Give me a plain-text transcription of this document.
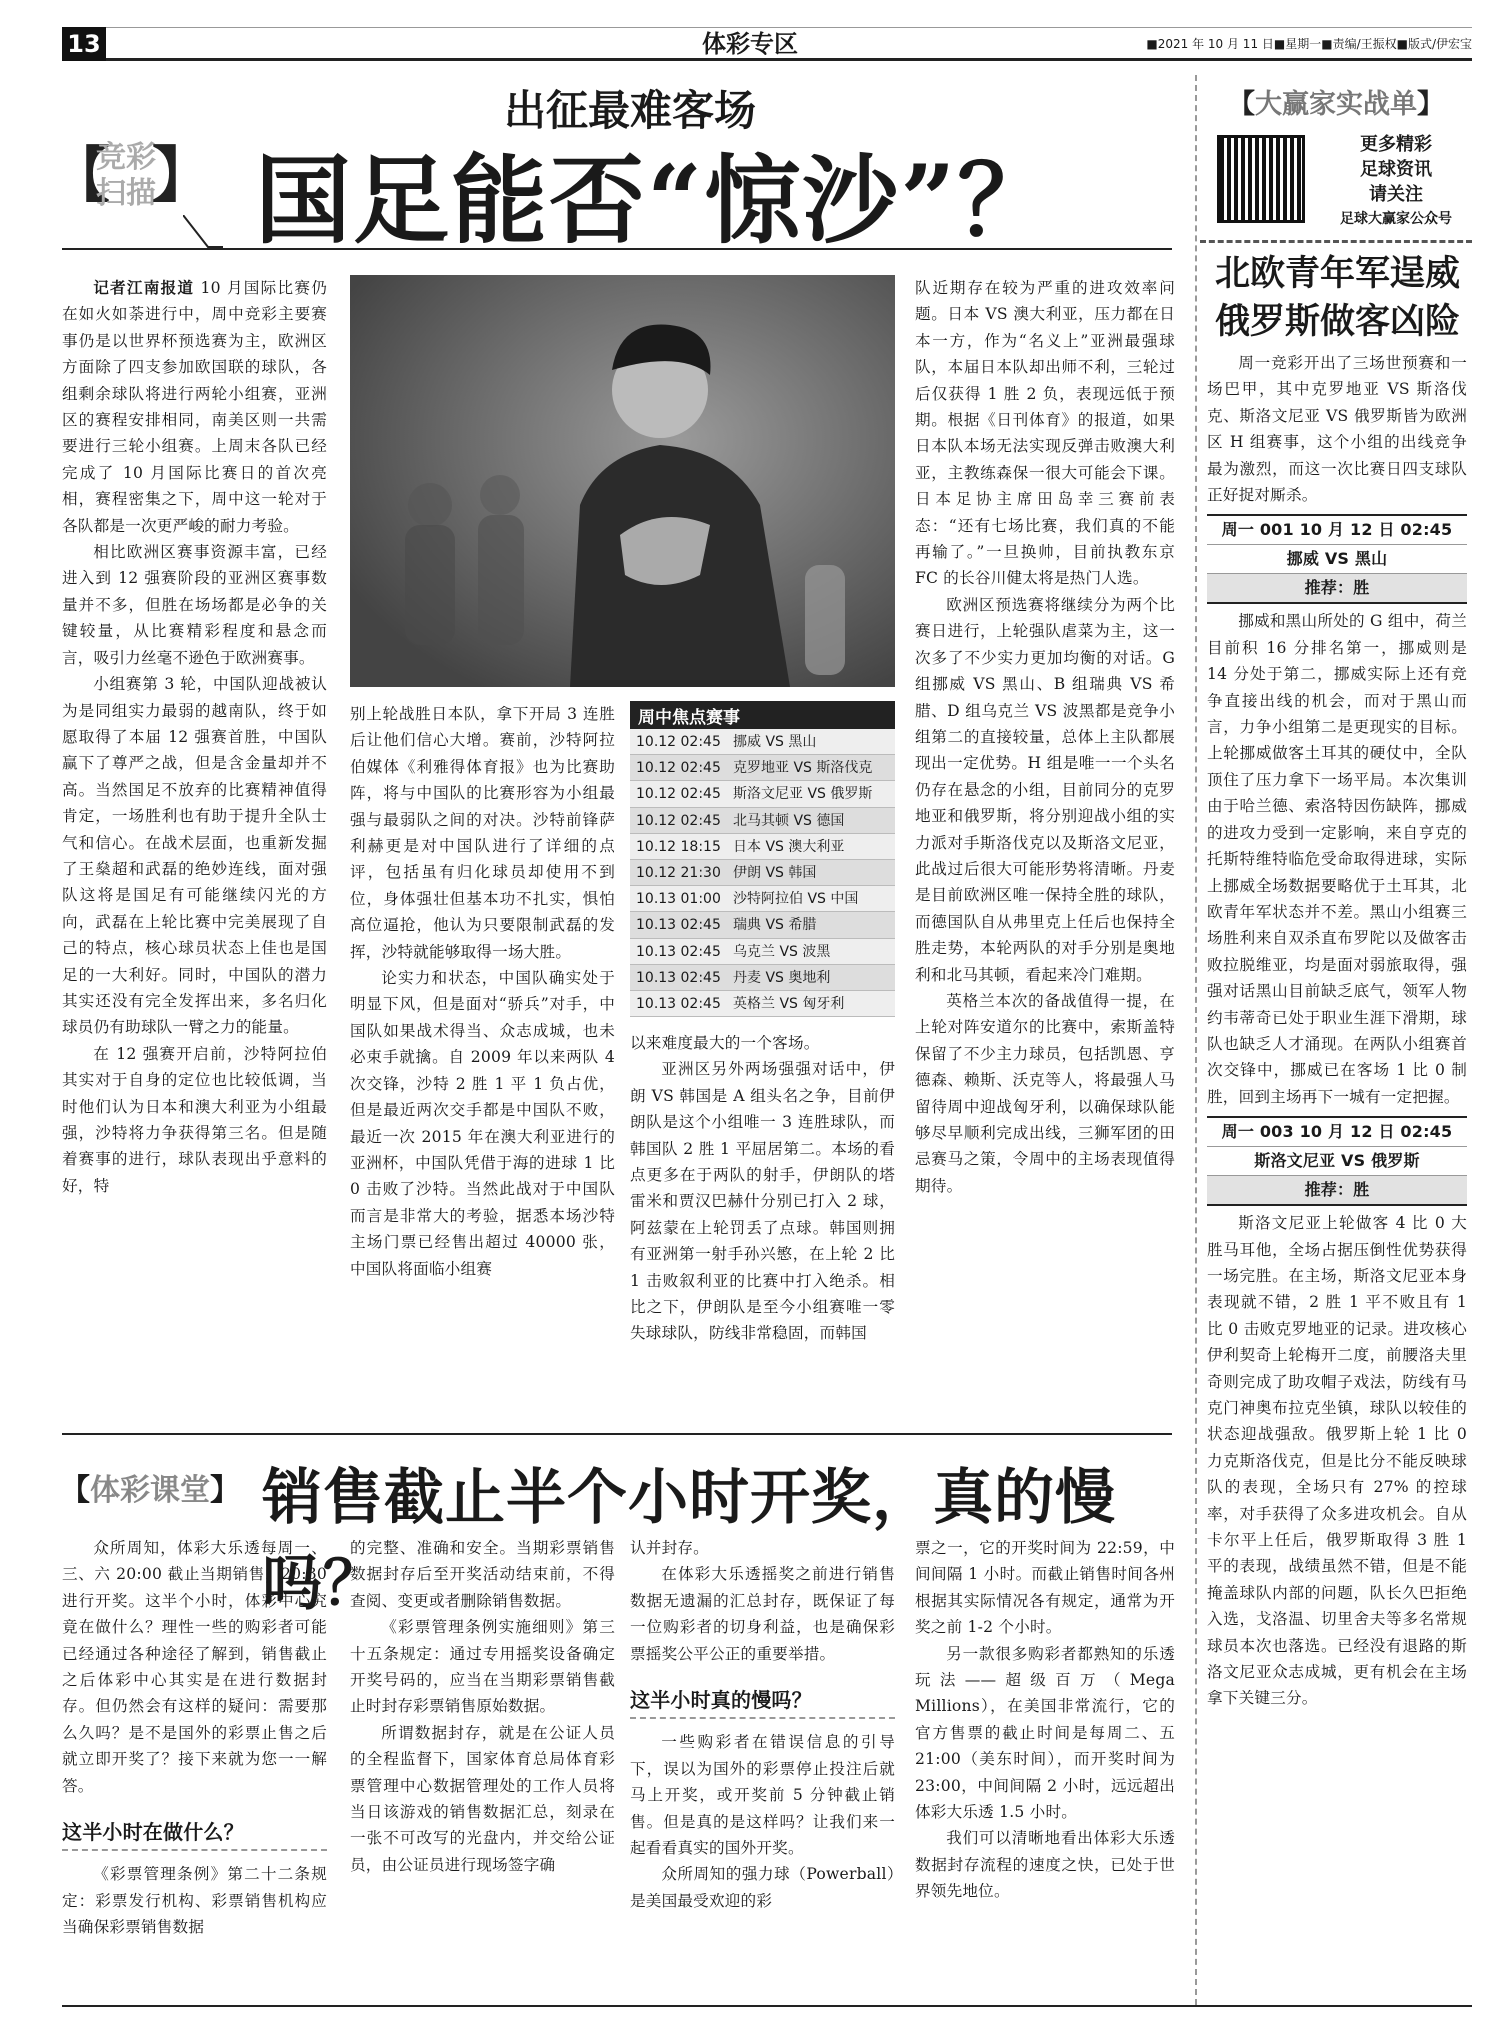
13	体彩专区	■2021 年 10 月 11 日■星期一■责编/王振权■版式/伊宏宝
出征最难客场
【
竞彩扫描
】 国足能否“惊沙”？

记者江南报道 10 月国际比赛仍在如火如荼进行中，周中竞彩主要赛事仍是以世界杯预选赛为主，欧洲区方面除了四支参加欧国联的球队，各组剩余球队将进行两轮小组赛，亚洲区的赛程安排相同，南美区则一共需要进行三轮小组赛。上周末各队已经完成了 10 月国际比赛日的首次亮相，赛程密集之下，周中这一轮对于各队都是一次更严峻的耐力考验。

相比欧洲区赛事资源丰富，已经进入到 12 强赛阶段的亚洲区赛事数量并不多，但胜在场场都是必争的关键较量，从比赛精彩程度和悬念而言，吸引力丝毫不逊色于欧洲赛事。

小组赛第 3 轮，中国队迎战被认为是同组实力最弱的越南队，终于如愿取得了本届 12 强赛首胜，中国队赢下了尊严之战，但是含金量却并不高。当然国足不放弃的比赛精神值得肯定，一场胜利也有助于提升全队士气和信心。在战术层面，也重新发掘了王燊超和武磊的绝妙连线，面对强队这将是国足有可能继续闪光的方向，武磊在上轮比赛中完美展现了自己的特点，核心球员状态上佳也是国足的一大利好。同时，中国队的潜力其实还没有完全发挥出来，多名归化球员仍有助球队一臂之力的能量。

在 12 强赛开启前，沙特阿拉伯其实对于自身的定位也比较低调，当时他们认为日本和澳大利亚为小组最强，沙特将力争获得第三名。但是随着赛事的进行，球队表现出乎意料的好，特

别上轮战胜日本队，拿下开局 3 连胜后让他们信心大增。赛前，沙特阿拉伯媒体《利雅得体育报》也为比赛助阵，将与中国队的比赛形容为小组最强与最弱队之间的对决。沙特前锋萨利赫更是对中国队进行了详细的点评，包括虽有归化球员却使用不到位，身体强壮但基本功不扎实，惧怕高位逼抢，他认为只要限制武磊的发挥，沙特就能够取得一场大胜。

论实力和状态，中国队确实处于明显下风，但是面对“骄兵”对手，中国队如果战术得当、众志成城，也未必束手就擒。自 2009 年以来两队 4 次交锋，沙特 2 胜 1 平 1 负占优，但是最近两次交手都是中国队不败，最近一次 2015 年在澳大利亚进行的亚洲杯，中国队凭借于海的进球 1 比 0 击败了沙特。当然此战对于中国队而言是非常大的考验，据悉本场沙特主场门票已经售出超过 40000 张，中国队将面临小组赛

周中焦点赛事
10.12 02:45 挪威 VS 黑山
10.12 02:45 克罗地亚 VS 斯洛伐克
10.12 02:45 斯洛文尼亚 VS 俄罗斯
10.12 02:45 北马其顿 VS 德国
10.12 18:15 日本 VS 澳大利亚
10.12 21:30 伊朗 VS 韩国
10.13 01:00 沙特阿拉伯 VS 中国
10.13 02:45 瑞典 VS 希腊
10.13 02:45 乌克兰 VS 波黑
10.13 02:45 丹麦 VS 奥地利
10.13 02:45 英格兰 VS 匈牙利

以来难度最大的一个客场。

亚洲区另外两场强强对话中，伊朗 VS 韩国是 A 组头名之争，目前伊朗队是这个小组唯一 3 连胜球队，而韩国队 2 胜 1 平屈居第二。本场的看点更多在于两队的射手，伊朗队的塔雷米和贾汉巴赫什分别已打入 2 球，阿兹蒙在上轮罚丢了点球。韩国则拥有亚洲第一射手孙兴慜，在上轮 2 比 1 击败叙利亚的比赛中打入绝杀。相比之下，伊朗队是至今小组赛唯一零失球球队，防线非常稳固，而韩国

队近期存在较为严重的进攻效率问题。日本 VS 澳大利亚，压力都在日本一方，作为“名义上”亚洲最强球队，本届日本队却出师不利，三轮过后仅获得 1 胜 2 负，表现远低于预期。根据《日刊体育》的报道，如果日本队本场无法实现反弹击败澳大利亚，主教练森保一很大可能会下课。日本足协主席田岛幸三赛前表态：“还有七场比赛，我们真的不能再输了。”一旦换帅，目前执教东京 FC 的长谷川健太将是热门人选。

欧洲区预选赛将继续分为两个比赛日进行，上轮强队虐菜为主，这一次多了不少实力更加均衡的对话。G 组挪威 VS 黑山、B 组瑞典 VS 希腊、D 组乌克兰 VS 波黑都是竞争小组第二的直接较量，总体上主队都展现出一定优势。H 组是唯一一个头名仍存在悬念的小组，目前同分的克罗地亚和俄罗斯，将分别迎战小组的实力派对手斯洛伐克以及斯洛文尼亚，此战过后很大可能形势将清晰。丹麦是目前欧洲区唯一保持全胜的球队，而德国队自从弗里克上任后也保持全胜走势，本轮两队的对手分别是奥地利和北马其顿，看起来冷门难期。

英格兰本次的备战值得一提，在上轮对阵安道尔的比赛中，索斯盖特保留了不少主力球员，包括凯恩、亨德森、赖斯、沃克等人，将最强人马留待周中迎战匈牙利，以确保球队能够尽早顺利完成出线，三狮军团的田忌赛马之策，令周中的主场表现值得期待。

【体彩课堂】 销售截止半个小时开奖，真的慢吗？

众所周知，体彩大乐透每周一、三、六 20:00 截止当期销售，20:30 进行开奖。这半个小时，体彩中心究竟在做什么？理性一些的购彩者可能已经通过各种途径了解到，销售截止之后体彩中心其实是在进行数据封存。但仍然会有这样的疑问：需要那么久吗？是不是国外的彩票止售之后就立即开奖了？接下来就为您一一解答。

这半小时在做什么？

《彩票管理条例》第二十二条规定：彩票发行机构、彩票销售机构应当确保彩票销售数据

的完整、准确和安全。当期彩票销售数据封存后至开奖活动结束前，不得查阅、变更或者删除销售数据。

《彩票管理条例实施细则》第三十五条规定：通过专用摇奖设备确定开奖号码的，应当在当期彩票销售截止时封存彩票销售原始数据。

所谓数据封存，就是在公证人员的全程监督下，国家体育总局体育彩票管理中心数据管理处的工作人员将当日该游戏的销售数据汇总，刻录在一张不可改写的光盘内，并交给公证员，由公证员进行现场签字确

认并封存。

在体彩大乐透摇奖之前进行销售数据无遗漏的汇总封存，既保证了每一位购彩者的切身利益，也是确保彩票摇奖公平公正的重要举措。

这半小时真的慢吗？

一些购彩者在错误信息的引导下，误以为国外的彩票停止投注后就马上开奖，或开奖前 5 分钟截止销售。但是真的是这样吗？让我们来一起看看真实的国外开奖。

众所周知的强力球（Powerball）是美国最受欢迎的彩

票之一，它的开奖时间为 22:59，中间间隔 1 小时。而截止销售时间各州根据其实际情况各有规定，通常为开奖之前 1-2 个小时。

另一款很多购彩者都熟知的乐透玩法——超级百万（Mega Millions），在美国非常流行，它的官方售票的截止时间是每周二、五 21:00（美东时间），而开奖时间为 23:00，中间间隔 2 小时，远远超出体彩大乐透 1.5 小时。

我们可以清晰地看出体彩大乐透数据封存流程的速度之快，已处于世界领先地位。

【大赢家实战单】
更多精彩
足球资讯
请关注
足球大赢家公众号
北欧青年军逞威 俄罗斯做客凶险

周一竞彩开出了三场世预赛和一场巴甲，其中克罗地亚 VS 斯洛伐克、斯洛文尼亚 VS 俄罗斯皆为欧洲区 H 组赛事，这个小组的出线竞争最为激烈，而这一次比赛日四支球队正好捉对厮杀。

周一 001 10 月 12 日 02:45
挪威 VS 黑山
推荐：胜

挪威和黑山所处的 G 组中，荷兰目前积 16 分排名第一，挪威则是 14 分处于第二，挪威实际上还有竞争直接出线的机会，而对于黑山而言，力争小组第二是更现实的目标。上轮挪威做客土耳其的硬仗中，全队顶住了压力拿下一场平局。本次集训由于哈兰德、索洛特因伤缺阵，挪威的进攻力受到一定影响，来自亨克的托斯特维特临危受命取得进球，实际上挪威全场数据要略优于土耳其，北欧青年军状态并不差。黑山小组赛三场胜利来自双杀直布罗陀以及做客击败拉脱维亚，均是面对弱旅取得，强强对话黑山目前缺乏底气，领军人物约韦蒂奇已处于职业生涯下滑期，球队也缺乏人才涌现。在两队小组赛首次交锋中，挪威已在客场 1 比 0 制胜，回到主场再下一城有一定把握。

周一 003 10 月 12 日 02:45
斯洛文尼亚 VS 俄罗斯
推荐：胜

斯洛文尼亚上轮做客 4 比 0 大胜马耳他，全场占据压倒性优势获得一场完胜。在主场，斯洛文尼亚本身表现就不错，2 胜 1 平不败且有 1 比 0 击败克罗地亚的记录。进攻核心伊利契奇上轮梅开二度，前腰洛夫里奇则完成了助攻帽子戏法，防线有马克门神奥布拉克坐镇，球队以较佳的状态迎战强敌。俄罗斯上轮 1 比 0 力克斯洛伐克，但是比分不能反映球队的表现，全场只有 27% 的控球率，对手获得了众多进攻机会。自从卡尔平上任后，俄罗斯取得 3 胜 1 平的表现，战绩虽然不错，但是不能掩盖球队内部的问题，队长久巴拒绝入选，戈洛温、切里舍夫等多名常规球员本次也落选。已经没有退路的斯洛文尼亚众志成城，更有机会在主场拿下关键三分。
